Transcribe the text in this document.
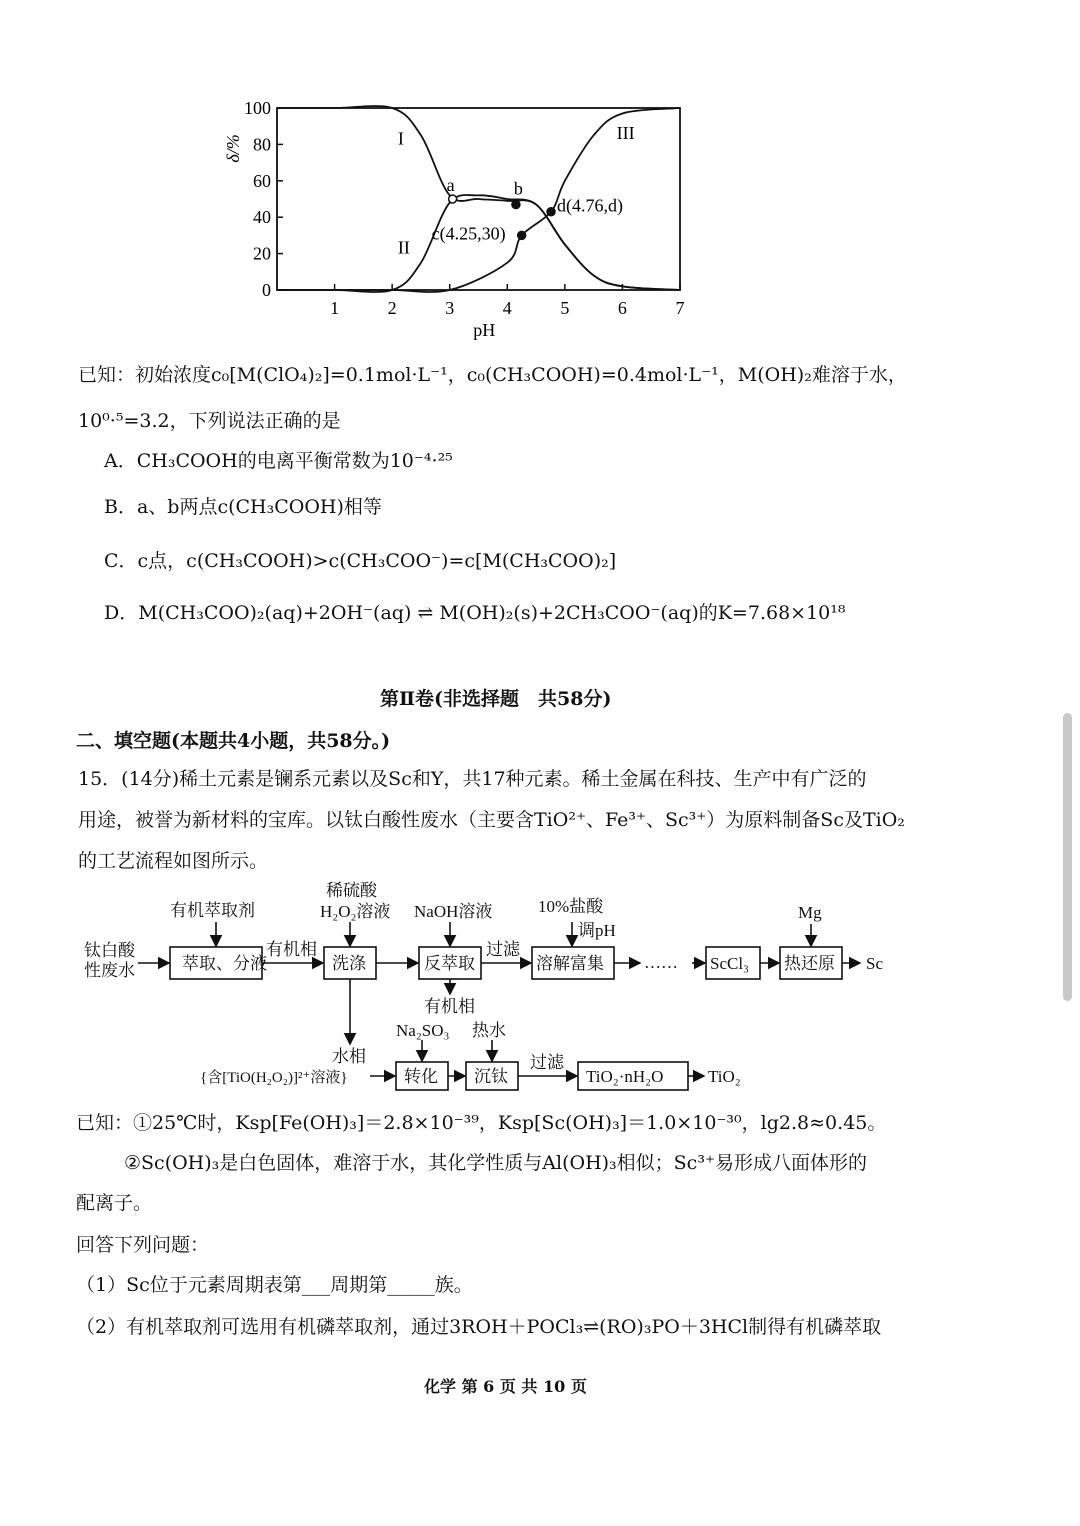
0
20
40
60
80
100
1	2	3	4	5	6	7
δ/%
pH
I
II
III
a	b
c(4.25,30)
d(4.76,d)
已知：初始浓度c₀[M(ClO₄)₂]=0.1mol·L⁻¹，c₀(CH₃COOH)=0.4mol·L⁻¹，M(OH)₂难溶于水，
10⁰·⁵=3.2，下列说法正确的是
A．CH₃COOH的电离平衡常数为10⁻⁴·²⁵
B．a、b两点c(CH₃COOH)相等
C．c点，c(CH₃COOH)>c(CH₃COO⁻)=c[M(CH₃COO)₂]
D．M(CH₃COO)₂(aq)+2OH⁻(aq) ⇌ M(OH)₂(s)+2CH₃COO⁻(aq)的K=7.68×10¹⁸
第Ⅱ卷(非选择题　共58分)
二、填空题(本题共4小题，共58分。)
15．(14分)稀土元素是镧系元素以及Sc和Y，共17种元素。稀土金属在科技、生产中有广泛的
用途，被誉为新材料的宝库。以钛白酸性废水（主要含TiO²⁺、Fe³⁺、Sc³⁺）为原料制备Sc及TiO₂
的工艺流程如图所示。
钛白酸
性废水
有机萃取剂
萃取、分液
有机相
稀硫酸
H₂O₂溶液
洗涤
NaOH溶液
反萃取
有机相
过滤
10%盐酸
调pH
溶解富集 …… ScCl₃
Mg
热还原 Sc
水相
{含[TiO(H₂O₂)]²⁺溶液}
Na₂SO₃
转化
热水
沉钛
过滤
TiO₂·nH₂O	TiO₂
已知：①25℃时，Ksp[Fe(OH)₃]＝2.8×10⁻³⁹，Ksp[Sc(OH)₃]＝1.0×10⁻³⁰，lg2.8≈0.45。
②Sc(OH)₃是白色固体，难溶于水，其化学性质与Al(OH)₃相似；Sc³⁺易形成八面体形的
配离子。
回答下列问题：
（1）Sc位于元素周期表第___周期第_____族。
（2）有机萃取剂可选用有机磷萃取剂，通过3ROH＋POCl₃⇌(RO)₃PO＋3HCl制得有机磷萃取
化学 第 6 页 共 10 页
